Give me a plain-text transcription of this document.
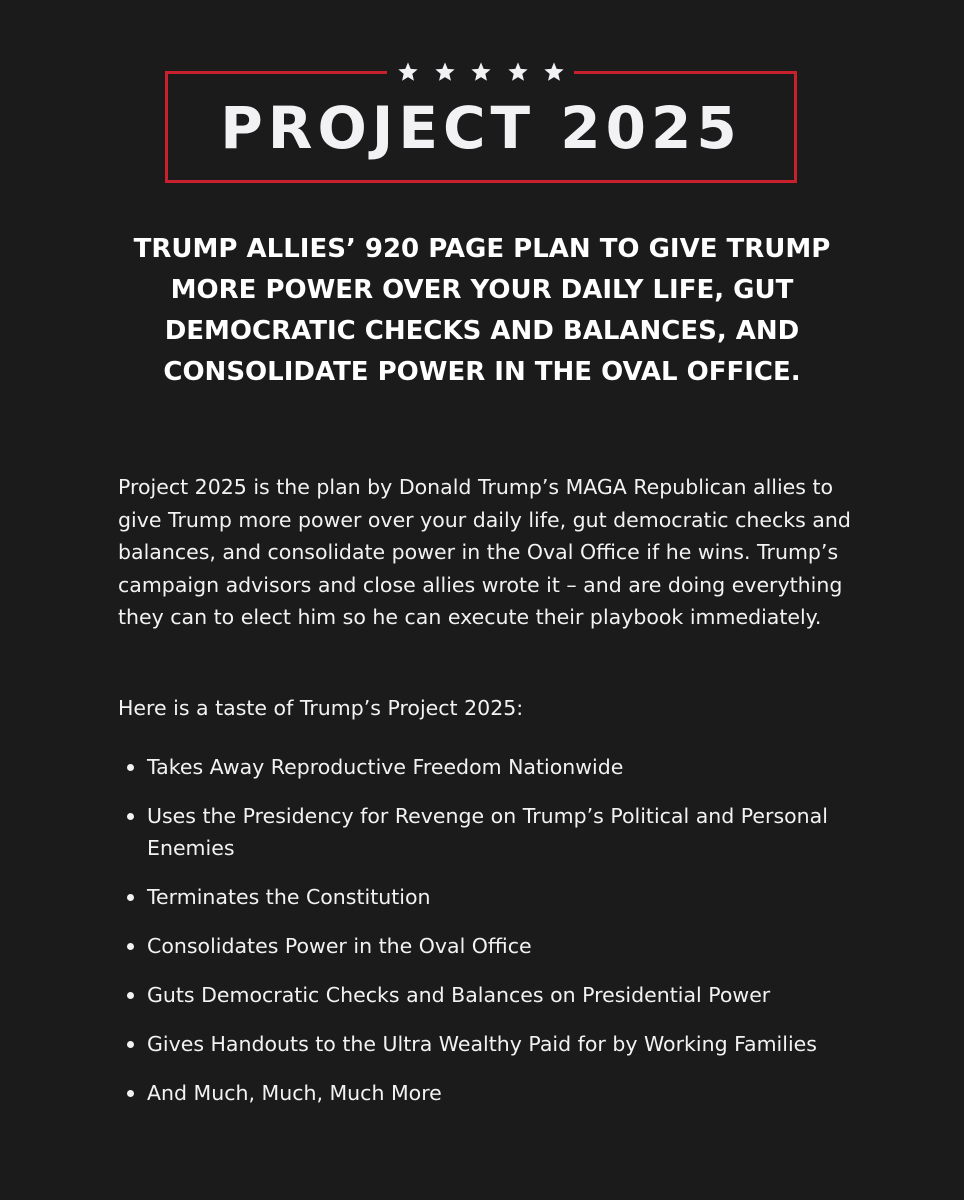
PROJECT 2025
TRUMP ALLIES’ 920 PAGE PLAN TO GIVE TRUMP MORE POWER OVER YOUR DAILY LIFE, GUT DEMOCRATIC CHECKS AND BALANCES, AND CONSOLIDATE POWER IN THE OVAL OFFICE.

Project 2025 is the plan by Donald Trump’s MAGA Republican allies to give Trump more power over your daily life, gut democratic checks and balances, and consolidate power in the Oval Office if he wins. Trump’s campaign advisors and close allies wrote it – and are doing everything they can to elect him so he can execute their playbook immediately.

Here is a taste of Trump’s Project 2025:

Takes Away Reproductive Freedom Nationwide
Uses the Presidency for Revenge on Trump’s Political and Personal Enemies
Terminates the Constitution
Consolidates Power in the Oval Office
Guts Democratic Checks and Balances on Presidential Power
Gives Handouts to the Ultra Wealthy Paid for by Working Families
And Much, Much, Much More
